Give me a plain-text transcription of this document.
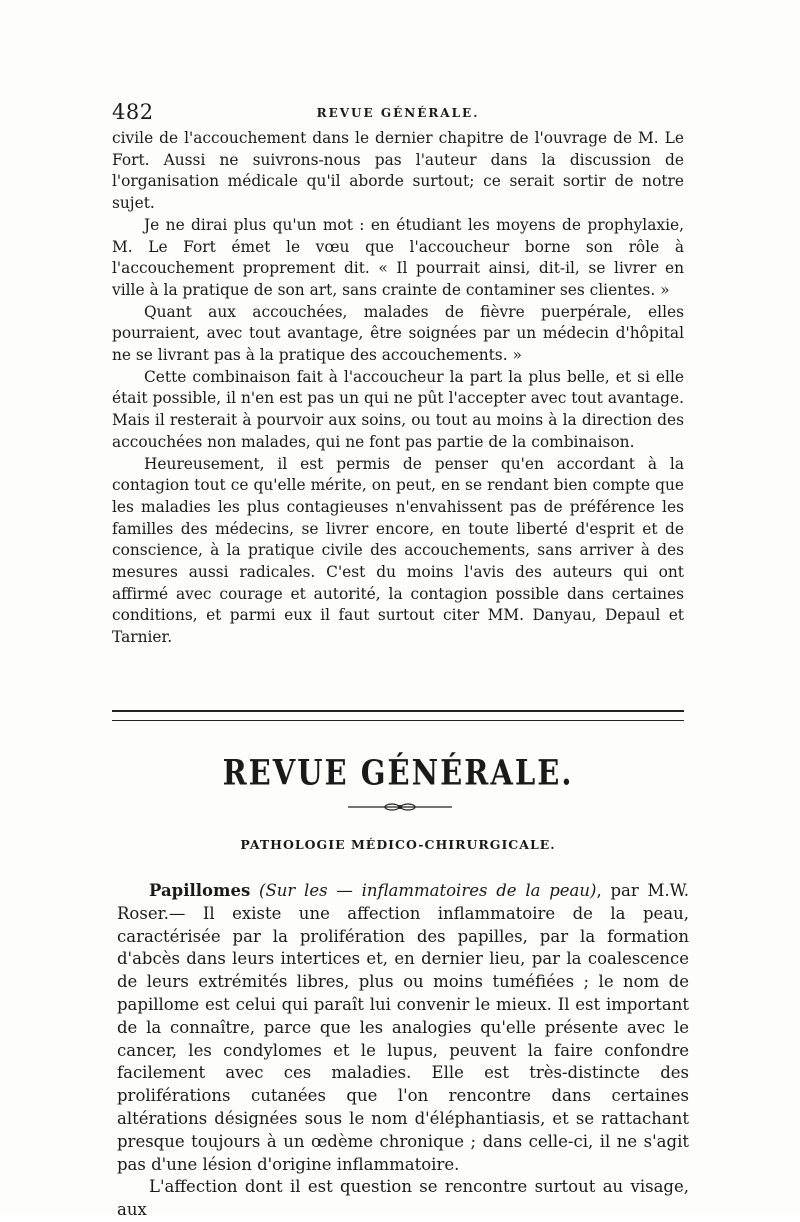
482	REVUE GÉNÉRALE.

civile de l'accouchement dans le dernier chapitre de l'ouvrage de M. Le Fort. Aussi ne suivrons-nous pas l'auteur dans la discussion de l'organisation médicale qu'il aborde surtout; ce serait sortir de notre sujet.

Je ne dirai plus qu'un mot : en étudiant les moyens de prophylaxie, M. Le Fort émet le vœu que l'accoucheur borne son rôle à l'accouchement proprement dit. « Il pourrait ainsi, dit-il, se livrer en ville à la pratique de son art, sans crainte de contaminer ses clientes. »

Quant aux accouchées, malades de fièvre puerpérale, elles pourraient, avec tout avantage, être soignées par un médecin d'hôpital ne se livrant pas à la pratique des accouchements. »

Cette combinaison fait à l'accoucheur la part la plus belle, et si elle était possible, il n'en est pas un qui ne pût l'accepter avec tout avantage. Mais il resterait à pourvoir aux soins, ou tout au moins à la direction des accouchées non malades, qui ne font pas partie de la combinaison.

Heureusement, il est permis de penser qu'en accordant à la contagion tout ce qu'elle mérite, on peut, en se rendant bien compte que les maladies les plus contagieuses n'envahissent pas de préférence les familles des médecins, se livrer encore, en toute liberté d'esprit et de conscience, à la pratique civile des accouchements, sans arriver à des mesures aussi radicales. C'est du moins l'avis des auteurs qui ont affirmé avec courage et autorité, la contagion possible dans certaines conditions, et parmi eux il faut surtout citer MM. Danyau, Depaul et Tarnier.

REVUE GÉNÉRALE.
PATHOLOGIE MÉDICO-CHIRURGICALE.

Papillomes (Sur les — inflammatoires de la peau), par M.W. Roser.— Il existe une affection inflammatoire de la peau, caractérisée par la prolifération des papilles, par la formation d'abcès dans leurs intertices et, en dernier lieu, par la coalescence de leurs extrémités libres, plus ou moins tuméfiées ; le nom de papillome est celui qui paraît lui convenir le mieux. Il est important de la connaître, parce que les analogies qu'elle présente avec le cancer, les condylomes et le lupus, peuvent la faire confondre facilement avec ces maladies. Elle est très-distincte des proliférations cutanées que l'on rencontre dans certaines altérations désignées sous le nom d'éléphantiasis, et se rattachant presque toujours à un œdème chronique ; dans celle-ci, il ne s'agit pas d'une lésion d'origine inflammatoire.

L'affection dont il est question se rencontre surtout au visage, aux
